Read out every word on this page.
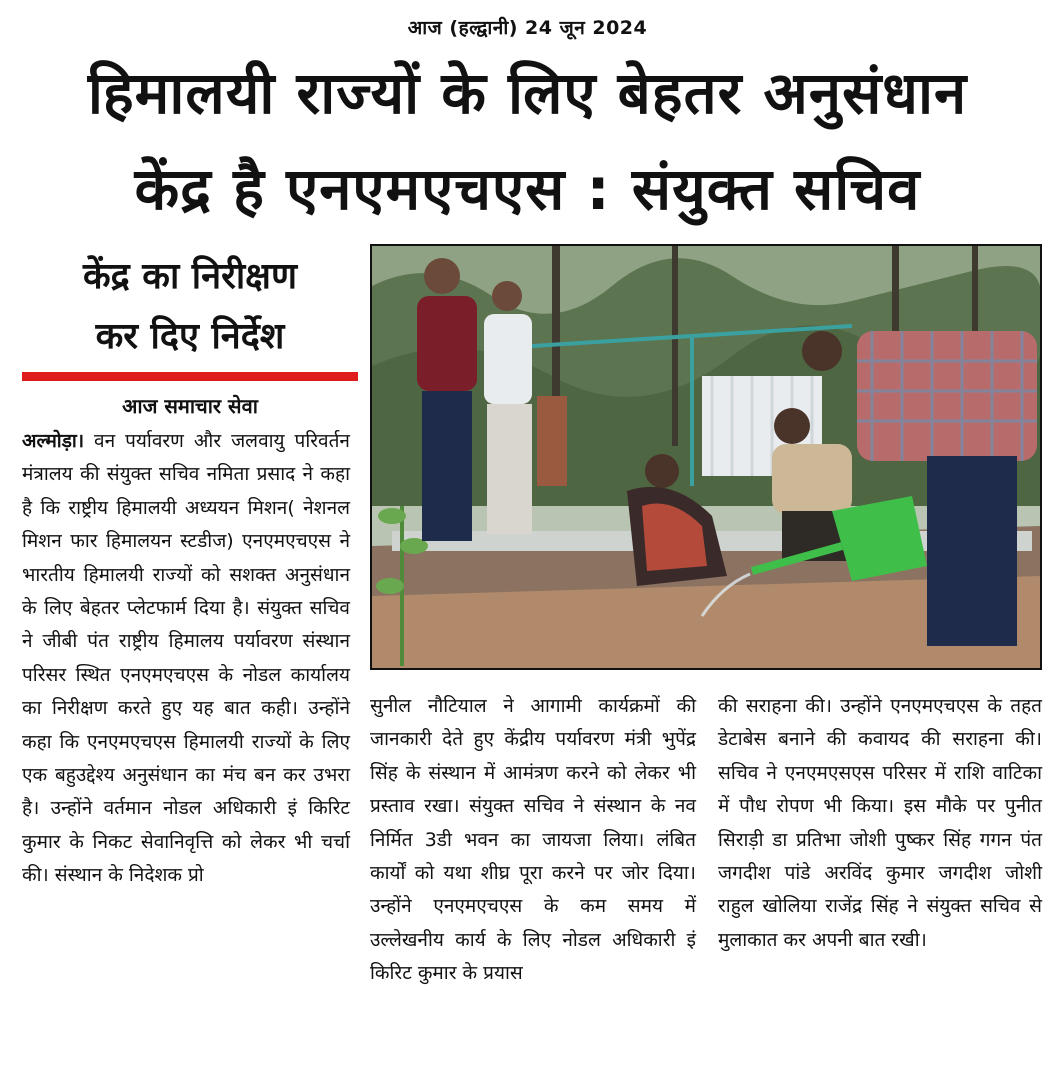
आज (हल्द्वानी) 24 जून 2024
हिमालयी राज्यों के लिए बेहतर अनुसंधान
केंद्र है एनएमएचएस : संयुक्त सचिव
केंद्र का निरीक्षण
कर दिए निर्देश
आज समाचार सेवा

अल्मोड़ा। वन पर्यावरण और जलवायु परिवर्तन मंत्रालय की संयुक्त सचिव नमिता प्रसाद ने कहा है कि राष्ट्रीय हिमालयी अध्ययन मिशन( नेशनल मिशन फार हिमालयन स्टडीज) एनएमएचएस ने भारतीय हिमालयी राज्यों को सशक्त अनुसंधान के लिए बेहतर प्लेटफार्म दिया है। संयुक्त सचिव ने जीबी पंत राष्ट्रीय हिमालय पर्यावरण संस्थान परिसर स्थित एनएमएचएस के नोडल कार्यालय का निरीक्षण करते हुए यह बात कही। उन्होंने कहा कि एनएमएचएस हिमालयी राज्यों के लिए एक बहुउद्देश्य अनुसंधान का मंच बन कर उभरा है। उन्होंने वर्तमान नोडल अधिकारी इं किरिट कुमार के निकट सेवानिवृत्ति को लेकर भी चर्चा की। संस्थान के निदेशक प्रो

सुनील नौटियाल ने आगामी कार्यक्रमों की जानकारी देते हुए केंद्रीय पर्यावरण मंत्री भुपेंद्र सिंह के संस्थान में आमंत्रण करने को लेकर भी प्रस्ताव रखा। संयुक्त सचिव ने संस्थान के नव निर्मित 3डी भवन का जायजा लिया। लंबित कार्यों को यथा शीघ्र पूरा करने पर जोर दिया। उन्होंने एनएमएचएस के कम समय में उल्लेखनीय कार्य के लिए नोडल अधिकारी इं किरिट कुमार के प्रयास

की सराहना की। उन्होंने एनएमएचएस के तहत डेटाबेस बनाने की कवायद की सराहना की। सचिव ने एनएमएसएस परिसर में राशि वाटिका में पौध रोपण भी किया। इस मौके पर पुनीत सिराड़ी डा प्रतिभा जोशी पुष्कर सिंह गगन पंत जगदीश पांडे अरविंद कुमार जगदीश जोशी राहुल खोलिया राजेंद्र सिंह ने संयुक्त सचिव से मुलाकात कर अपनी बात रखी।
